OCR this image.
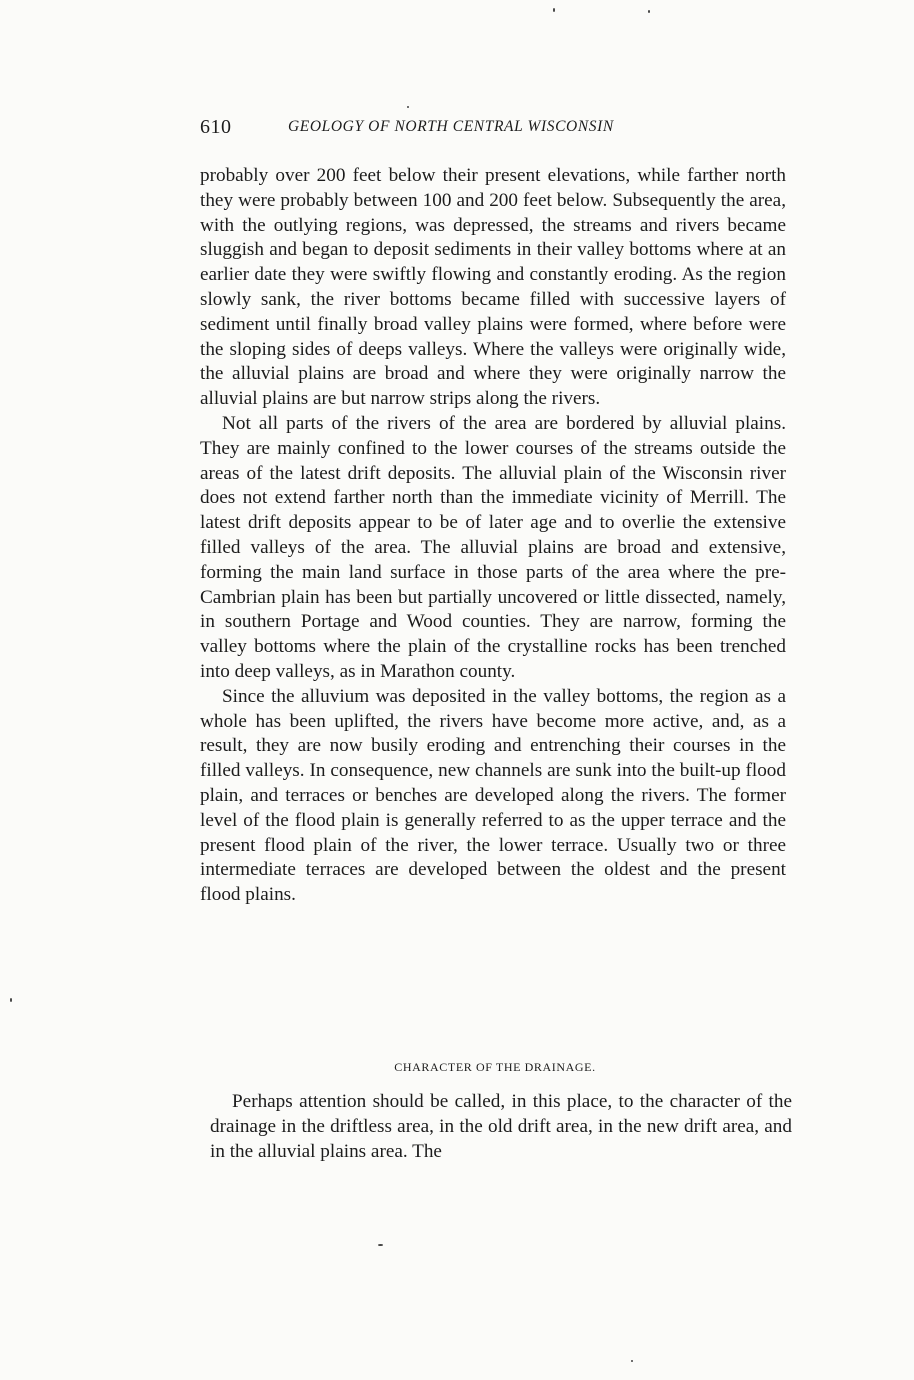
610	GEOLOGY OF NORTH CENTRAL WISCONSIN

probably over 200 feet below their present elevations, while farther north they were probably between 100 and 200 feet below. Subsequently the area, with the outlying regions, was depressed, the streams and rivers became sluggish and began to deposit sediments in their valley bottoms where at an earlier date they were swiftly flowing and constantly eroding. As the region slowly sank, the river bottoms became filled with successive layers of sediment until finally broad valley plains were formed, where before were the sloping sides of deeps valleys. Where the valleys were originally wide, the alluvial plains are broad and where they were originally narrow the alluvial plains are but narrow strips along the rivers.

Not all parts of the rivers of the area are bordered by alluvial plains. They are mainly confined to the lower courses of the streams outside the areas of the latest drift deposits. The alluvial plain of the Wisconsin river does not extend farther north than the immediate vicinity of Merrill. The latest drift deposits appear to be of later age and to overlie the extensive filled valleys of the area. The alluvial plains are broad and extensive, forming the main land surface in those parts of the area where the pre-Cambrian plain has been but partially uncovered or little dissected, namely, in southern Portage and Wood counties. They are narrow, forming the valley bottoms where the plain of the crystalline rocks has been trenched into deep valleys, as in Marathon county.

Since the alluvium was deposited in the valley bottoms, the region as a whole has been uplifted, the rivers have become more active, and, as a result, they are now busily eroding and entrenching their courses in the filled valleys. In consequence, new channels are sunk into the built-up flood plain, and terraces or benches are developed along the rivers. The former level of the flood plain is generally referred to as the upper terrace and the present flood plain of the river, the lower terrace. Usually two or three intermediate terraces are developed between the oldest and the present flood plains.

CHARACTER OF THE DRAINAGE.

Perhaps attention should be called, in this place, to the character of the drainage in the driftless area, in the old drift area, in the new drift area, and in the alluvial plains area. The
